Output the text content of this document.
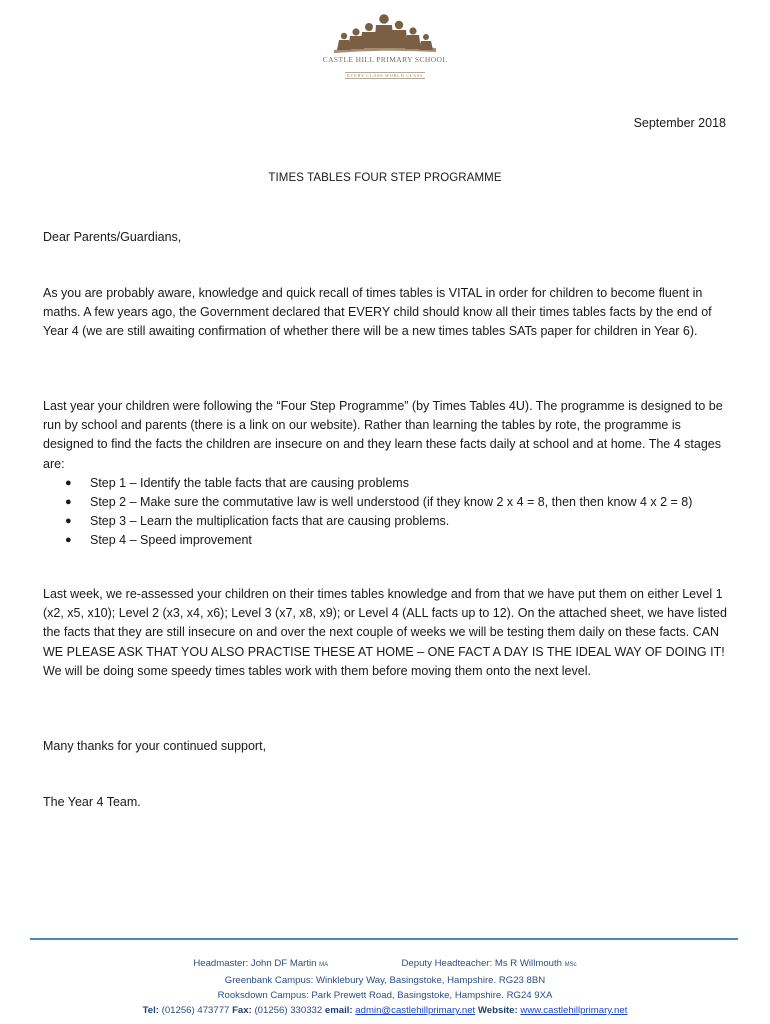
CASTLE HILL PRIMARY SCHOOL
EVERY CLASS WORLD CLASS
September 2018
TIMES TABLES FOUR STEP PROGRAMME
Dear Parents/Guardians,
As you are probably aware, knowledge and quick recall of times tables is VITAL in order for children to become fluent in maths. A few years ago, the Government declared that EVERY child should know all their times tables facts by the end of Year 4 (we are still awaiting confirmation of whether there will be a new times tables SATs paper for children in Year 6).
Last year your children were following the “Four Step Programme” (by Times Tables 4U). The programme is designed to be run by school and parents (there is a link on our website). Rather than learning the tables by rote, the programme is designed to find the facts the children are insecure on and they learn these facts daily at school and at home. The 4 stages are:
● Step 1 – Identify the table facts that are causing problems
● Step 2 – Make sure the commutative law is well understood (if they know 2 x 4 = 8, then then know 4 x 2 = 8)
● Step 3 – Learn the multiplication facts that are causing problems.
● Step 4 – Speed improvement
Last week, we re-assessed your children on their times tables knowledge and from that we have put them on either Level 1 (x2, x5, x10); Level 2 (x3, x4, x6); Level 3 (x7, x8, x9); or Level 4 (ALL facts up to 12). On the attached sheet, we have listed the facts that they are still insecure on and over the next couple of weeks we will be testing them daily on these facts. CAN WE PLEASE ASK THAT YOU ALSO PRACTISE THESE AT HOME – ONE FACT A DAY IS THE IDEAL WAY OF DOING IT! We will be doing some speedy times tables work with them before moving them onto the next level.
Many thanks for your continued support,
The Year 4 Team.
Headmaster: John DF Martin MA	Deputy Headteacher: Ms R Willmouth MSc
Greenbank Campus: Winklebury Way, Basingstoke, Hampshire. RG23 8BN
Rooksdown Campus: Park Prewett Road, Basingstoke, Hampshire. RG24 9XA
Tel: (01256) 473777 Fax: (01256) 330332 email: admin@castlehillprimary.net Website: www.castlehillprimary.net
